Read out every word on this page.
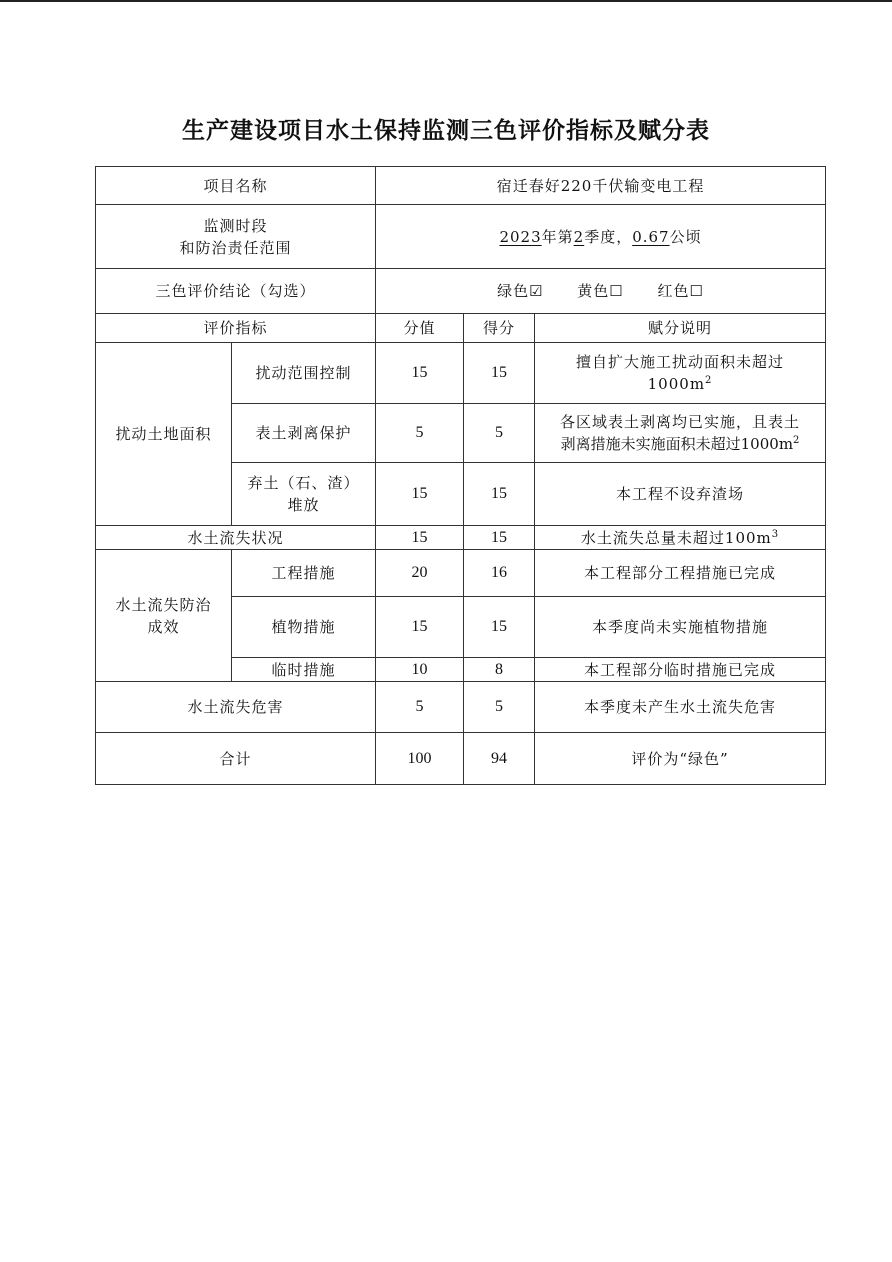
生产建设项目水土保持监测三色评价指标及赋分表
项目名称		宿迁春好220千伏输变电工程		

监测时段
和防治责任范围		2023年第2季度，0.67公顷		
三色评价结论（勾选）		绿色☑ 黄色☐ 红色☐		
评价指标		分值	得分	赋分说明
扰动土地面积	扰动范围控制	15	15	擅自扩大施工扰动面积未超过
$1000m^2$

	表土剥离保护	5	5	各区域表土剥离均已实施，且表土
剥离措施未实施面积未超过$1000m^2$

	弃土（石、渣）
堆放	15	15	本工程不设弃渣场
水土流失状况		15	15	水土流失总量未超过$100m^3$

水土流失防治
成效	工程措施	20	16	本工程部分工程措施已完成
	植物措施	15	15	本季度尚未实施植物措施
	临时措施	10	8	本工程部分临时措施已完成
水土流失危害		5	5	本季度未产生水土流失危害
合计		100	94	评价为“绿色”
